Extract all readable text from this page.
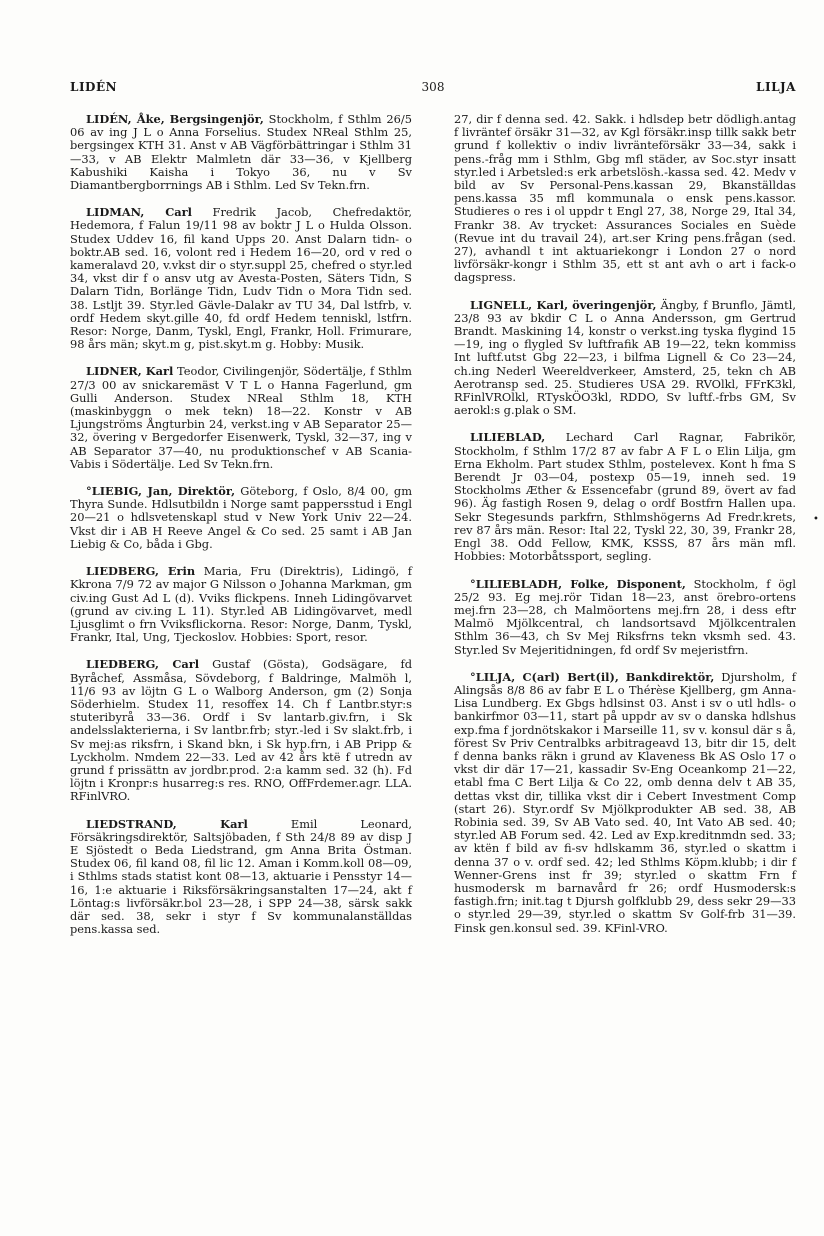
LIDÉN	308	LILJA

LIDÉN, Åke, Bergsingenjör, Stockholm, f Sthlm 26/5 06 av ing J L o Anna Forselius. Studex NReal Sthlm 25, bergsingex KTH 31. Anst v AB Vägförbättringar i Sthlm 31—33, v AB Elektr Malmletn där 33—36, v Kjellberg Kabushiki Kaisha i Tokyo 36, nu v Sv Diamantbergborrnings AB i Sthlm. Led Sv Tekn.frn.

LIDMAN, Carl Fredrik Jacob, Chefredaktör, Hedemora, f Falun 19/11 98 av boktr J L o Hulda Olsson. Studex Uddev 16, fil kand Upps 20. Anst Dalarn tidn- o boktr.AB sed. 16, volont red i Hedem 16—20, ord v red o kameralavd 20, v.vkst dir o styr.suppl 25, chefred o styr.led 34, vkst dir f o ansv utg av Avesta-Posten, Säters Tidn, S Dalarn Tidn, Borlänge Tidn, Ludv Tidn o Mora Tidn sed. 38. Lstljt 39. Styr.led Gävle-Dalakr av TU 34, Dal lstfrb, v. ordf Hedem skyt.gille 40, fd ordf Hedem tenniskl, lstfrn. Resor: Norge, Danm, Tyskl, Engl, Frankr, Holl. Frimurare, 98 års män; skyt.m g, pist.skyt.m g. Hobby: Musik.

LIDNER, Karl Teodor, Civilingenjör, Södertälje, f Sthlm 27/3 00 av snickaremäst V T L o Hanna Fagerlund, gm Gulli Anderson. Studex NReal Sthlm 18, KTH (maskinbyggn o mek tekn) 18—22. Konstr v AB Ljungströms Ångturbin 24, verkst.ing v AB Separator 25—32, övering v Bergedorfer Eisenwerk, Tyskl, 32—37, ing v AB Separator 37—40, nu produktionschef v AB Scania-Vabis i Södertälje. Led Sv Tekn.frn.

°LIEBIG, Jan, Direktör, Göteborg, f Oslo, 8/4 00, gm Thyra Sunde. Hdlsutbildn i Norge samt pappersstud i Engl 20—21 o hdlsvetenskapl stud v New York Univ 22—24. Vkst dir i AB H Reeve Angel & Co sed. 25 samt i AB Jan Liebig & Co, båda i Gbg.

LIEDBERG, Erin Maria, Fru (Direktris), Lidingö, f Kkrona 7/9 72 av major G Nilsson o Johanna Markman, gm civ.ing Gust Ad L (d). Vviks flickpens. Inneh Lidingövarvet (grund av civ.ing L 11). Styr.led AB Lidingövarvet, medl Ljusglimt o frn Vviksflickorna. Resor: Norge, Danm, Tyskl, Frankr, Ital, Ung, Tjeckoslov. Hobbies: Sport, resor.

LIEDBERG, Carl Gustaf (Gösta), Godsägare, fd Byråchef, Assmåsa, Sövdeborg, f Baldringe, Malmöh l, 11/6 93 av löjtn G L o Walborg Anderson, gm (2) Sonja Söderhielm. Studex 11, resoffex 14. Ch f Lantbr.styr:s stuteribyrå 33—36. Ordf i Sv lantarb.giv.frn, i Sk andelsslakterierna, i Sv lantbr.frb; styr.-led i Sv slakt.frb, i Sv mej:as riksfrn, i Skand bkn, i Sk hyp.frn, i AB Pripp & Lyckholm. Nmdem 22—33. Led av 42 års ktë f utredn av grund f prissättn av jordbr.prod. 2:a kamm sed. 32 (h). Fd löjtn i Kronpr:s husarreg:s res. RNO, OffFrdemer.agr. LLA. RFinlVRO.

LIEDSTRAND, Karl Emil Leonard, Försäkringsdirektör, Saltsjöbaden, f Sth 24/8 89 av disp J E Sjöstedt o Beda Liedstrand, gm Anna Brita Östman. Studex 06, fil kand 08, fil lic 12. Aman i Komm.koll 08—09, i Sthlms stads statist kont 08—13, aktuarie i Pensstyr 14—16, 1:e aktuarie i Riksförsäkringsanstalten 17—24, akt f Löntag:s livförsäkr.bol 23—28, i SPP 24—38, särsk sakk där sed. 38, sekr i styr f Sv kommunalanställdas pens.kassa sed.

27, dir f denna sed. 42. Sakk. i hdlsdep betr dödligh.antag f livräntef örsäkr 31—32, av Kgl försäkr.insp tillk sakk betr grund f kollektiv o indiv livränteförsäkr 33—34, sakk i pens.-fråg mm i Sthlm, Gbg mfl städer, av Soc.styr insatt styr.led i Arbetsled:s erk arbetslösh.-kassa sed. 42. Medv v bild av Sv Personal-Pens.kassan 29, Bkanställdas pens.kassa 35 mfl kommunala o ensk pens.kassor. Studieres o res i ol uppdr t Engl 27, 38, Norge 29, Ital 34, Frankr 38. Av trycket: Assurances Sociales en Suède (Revue int du travail 24), art.ser Kring pens.frågan (sed. 27), avhandl t int aktuariekongr i London 27 o nord livförsäkr-kongr i Sthlm 35, ett st ant avh o art i fack-o dagspress.

LIGNELL, Karl, överingenjör, Ängby, f Brunflo, Jämtl, 23/8 93 av bkdir C L o Anna Andersson, gm Gertrud Brandt. Maskining 14, konstr o verkst.ing tyska flygind 15—19, ing o flygled Sv luftfrafik AB 19—22, tekn kommiss Int luftf.utst Gbg 22—23, i bilfma Lignell & Co 23—24, ch.ing Nederl Weereldverkeer, Amsterd, 25, tekn ch AB Aerotransp sed. 25. Studieres USA 29. RVOlkl, FFrK3kl, RFinlVROlkl, RTyskÖO3kl, RDDO, Sv luftf.-frbs GM, Sv aerokl:s g.plak o SM.

LILIEBLAD, Lechard Carl Ragnar, Fabrikör, Stockholm, f Sthlm 17/2 87 av fabr A F L o Elin Lilja, gm Erna Ekholm. Part studex Sthlm, postelevex. Kont h fma S Berendt Jr 03—04, postexp 05—19, inneh sed. 19 Stockholms Æther & Essencefabr (grund 89, övert av fad 96). Äg fastigh Rosen 9, delag o ordf Bostfrn Hallen upa. Sekr Stegesunds parkfrn, Sthlmshögerns Ad Fredr.krets, rev 87 års män. Resor: Ital 22, Tyskl 22, 30, 39, Frankr 28, Engl 38. Odd Fellow, KMK, KSSS, 87 års män mfl. Hobbies: Motorbåtssport, segling.

°LILIEBLADH, Folke, Disponent, Stockholm, f ögl 25/2 93. Eg mej.rör Tidan 18—23, anst örebro-ortens mej.frn 23—28, ch Malmöortens mej.frn 28, i dess eftr Malmö Mjölkcentral, ch landsortsavd Mjölkcentralen Sthlm 36—43, ch Sv Mej Riksfrns tekn vksmh sed. 43. Styr.led Sv Mejeritidningen, fd ordf Sv mejeristfrn.

°LILJA, C(arl) Bert(il), Bankdirektör, Djursholm, f Alingsås 8/8 86 av fabr E L o Thérèse Kjellberg, gm Anna-Lisa Lundberg. Ex Gbgs hdlsinst 03. Anst i sv o utl hdls- o bankirfmor 03—11, start på uppdr av sv o danska hdlshus exp.fma f jordnötskakor i Marseille 11, sv v. konsul där s å, förest Sv Priv Centralbks arbitrageavd 13, bitr dir 15, delt f denna banks räkn i grund av Klaveness Bk AS Oslo 17 o vkst dir där 17—21, kassadir Sv-Eng Oceankomp 21—22, etabl fma C Bert Lilja & Co 22, omb denna delv t AB 35, dettas vkst dir, tillika vkst dir i Cebert Investment Comp (start 26). Styr.ordf Sv Mjölkprodukter AB sed. 38, AB Robinia sed. 39, Sv AB Vato sed. 40, Int Vato AB sed. 40; styr.led AB Forum sed. 42. Led av Exp.kreditnmdn sed. 33; av ktën f bild av fi-sv hdlskamm 36, styr.led o skattm i denna 37 o v. ordf sed. 42; led Sthlms Köpm.klubb; i dir f Wenner-Grens inst fr 39; styr.led o skattm Frn f husmodersk m barnavård fr 26; ordf Husmodersk:s fastigh.frn; init.tag t Djursh golfklubb 29, dess sekr 29—33 o styr.led 29—39, styr.led o skattm Sv Golf-frb 31—39. Finsk gen.konsul sed. 39. KFinl-VRO.

•
